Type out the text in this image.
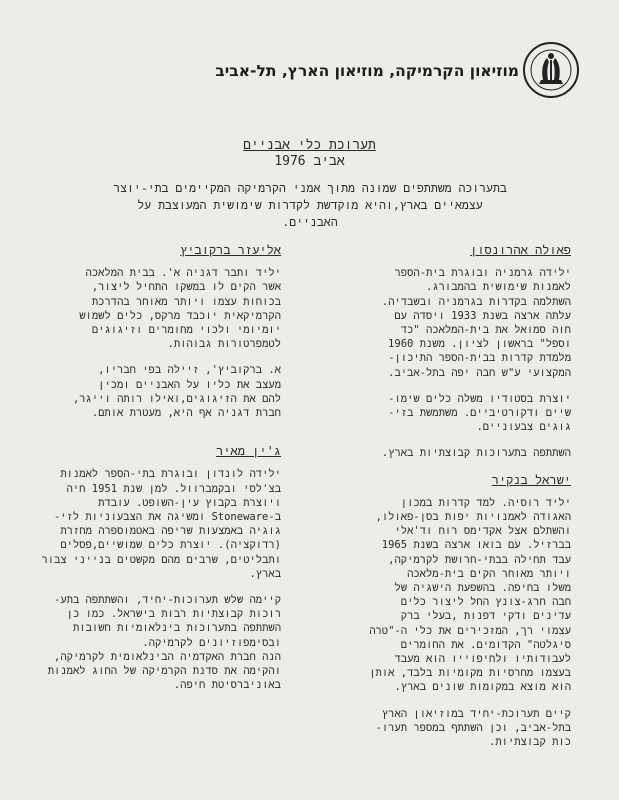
מוזיאון הקרמיקה, מוזיאון הארץ, תל-אביב
תערוכת כלי אבניים
אביב 1976
בתערוכה משתתפים שמונה מתוך אמני הקרמיקה המקיימים בתי-יוצר עצמאיים בארץ,והיא מוקדשת לקדרות שימושית המעוצבת על האבניים.
פאולה אהרונסון

ילידה גרמניה ובוגרת בית-הספר
לאמנות שימושית בהמבורג.
השתלמה בקדרות בגרמניה ובשבדיה.
עלתה ארצה בשנת 1933 ויסדה עם
חוה סמואל את בית-המלאכה "כד
וספל" בראשון לציון. משנת 1960
מלמדת קדרות בבית-הספר התיכון-
המקצועי ע"ש חבה יפה בתל-אביב.

יוצרת בסטודיו משלה כלים שימו-
שיים ודקורטיביים. משתמשת בזי-
גוגים צבעוניים.

השתתפה בתערוכות קבוצתיות בארץ.

ישראל בנקיר

יליד רוסיה. למד קדרות במכון
האגודה לאמנויות יפות בסן-פאולו,
והשתלם אצל אקדימס רוח וד'אלי
בברזיל. עם בואו ארצה בשנת 1965
עבד תחילה בבתי-חרושת לקרמיקה,
ויותר מאוחר הקים בית-מלאכה
משלו בחיפה. בהשפעת הישגיה של
חבה חרג-צונץ החל ליצור כלים
עדינים ודקי דפנות ,בעלי ברק
עצמוי רך, המזכירים את כלי ה-"טרה
סיגלטה" הקדומים. את החומרים
לעבודותיו ולחיפוייו הוא מעבד
בעצמו מחרסיות מקומיות בלבד, אותן
הוא מוצא במקומות שונים בארץ.

קיים תערוכת-יחיד במוזיאון הארץ
בתל-אביב, וכן השתתף במספר תערו-
כות קבוצתיות.

אליעזר ברקוביץ

יליד ותבר דגניה א'. בבית המלאכה
אשר הקים לו במשקו התחיל ליצור,
בכוחות עצמו ויותר מאוחר בהדרכת
הקרמיקאית יוכבד מרקס, כלים לשמוש
יומיומי ולכוי מחומרים וזיגוגים
לטמפרטורות גבוהות.

א. ברקוביץ', זיילה בפי חבריו,
מעצב את כליו על האבניים ומכין
להם את הזיגוגים,ואילו רותה וייגר,
חברת דגניה אף היא, מעטרת אותם.

ג'ין מאיר

ילידה לונדון ובוגרת בתי-הספר לאמנות
בצ'לסי ובקמברוול. למן שנת 1951 חיה
ויוצרת בקבוץ עין-השופט. עובדת
ב-Stoneware ומשיגה את הצבעוניות לזי-
גוגיה באמצעות שריפה באטמוספרה מחזרת
(רדוקציה). יוצרת כלים שמושיים,פסלים
ותבליטים, שרבים מהם מקשטים בנייני צבור
בארץ.

קיימה שלש תערוכות-יחיד, והשתתפה בתע-
רוכות קבוצתיות רבות בישראל. כמו כן
השתתפה בתערוכות בינלאומיות חשובות
ובסימפוזיונים לקרמיקה.
הנה חברת האקדמיה הבינלאומית לקרמיקה,
והקימה את סדנת הקרמיקה של החוג לאמנות
באוניברסיטת חיפה.
